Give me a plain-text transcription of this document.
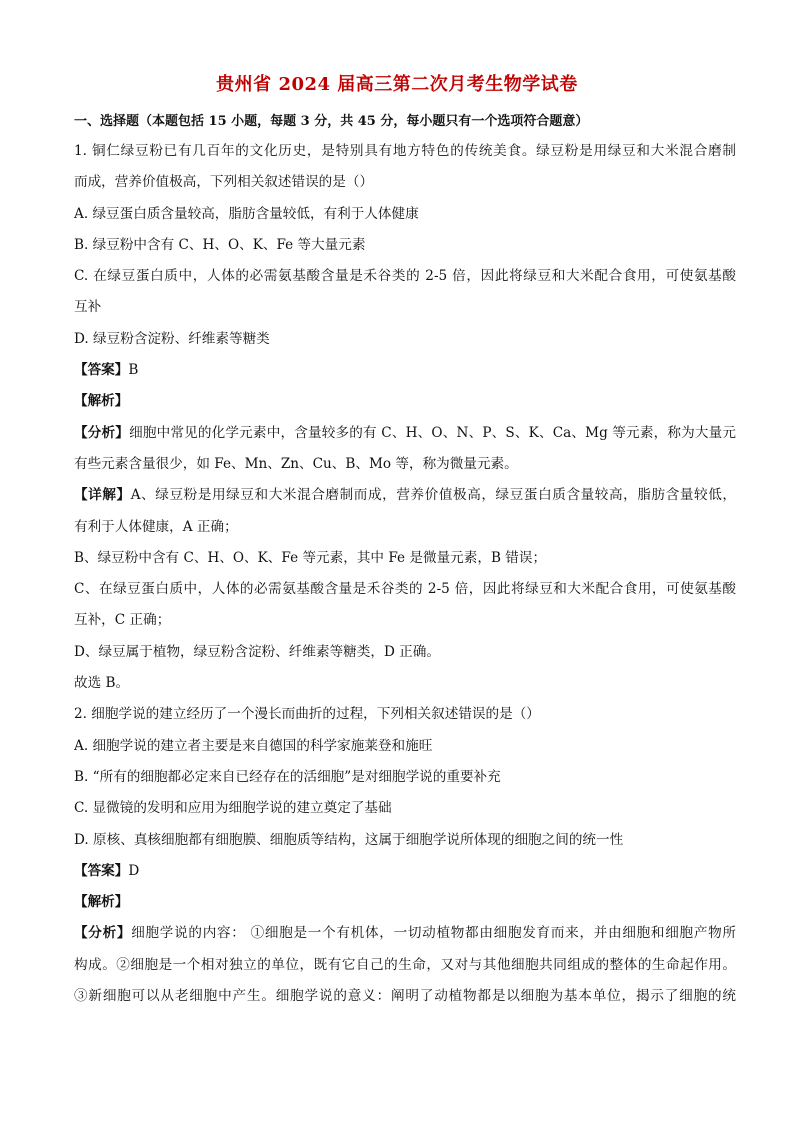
贵州省 2024 届高三第二次月考生物学试卷

一、选择题（本题包括 15 小题，每题 3 分，共 45 分，每小题只有一个选项符合题意）

1. 铜仁绿豆粉已有几百年的文化历史，是特别具有地方特色的传统美食。绿豆粉是用绿豆和大米混合磨制
而成，营养价值极高，下列相关叙述错误的是（）
A. 绿豆蛋白质含量较高，脂肪含量较低，有利于人体健康
B. 绿豆粉中含有 C、H、O、K、Fe 等大量元素
C. 在绿豆蛋白质中，人体的必需氨基酸含量是禾谷类的 2-5 倍，因此将绿豆和大米配合食用，可使氨基酸
互补
D. 绿豆粉含淀粉、纤维素等糖类
【答案】B
【解析】
【分析】细胞中常见的化学元素中，含量较多的有 C、H、O、N、P、S、K、Ca、Mg 等元素，称为大量元
有些元素含量很少，如 Fe、Mn、Zn、Cu、B、Mo 等，称为微量元素。
【详解】A、绿豆粉是用绿豆和大米混合磨制而成，营养价值极高，绿豆蛋白质含量较高，脂肪含量较低，
有利于人体健康，A 正确；
B、绿豆粉中含有 C、H、O、K、Fe 等元素，其中 Fe 是微量元素，B 错误；
C、在绿豆蛋白质中，人体的必需氨基酸含量是禾谷类的 2-5 倍，因此将绿豆和大米配合食用，可使氨基酸
互补，C 正确；
D、绿豆属于植物，绿豆粉含淀粉、纤维素等糖类，D 正确。
故选 B。
2. 细胞学说的建立经历了一个漫长而曲折的过程，下列相关叙述错误的是（）
A. 细胞学说的建立者主要是来自德国的科学家施莱登和施旺
B. “所有的细胞都必定来自已经存在的活细胞”是对细胞学说的重要补充
C. 显微镜的发明和应用为细胞学说的建立奠定了基础
D. 原核、真核细胞都有细胞膜、细胞质等结构，这属于细胞学说所体现的细胞之间的统一性
【答案】D
【解析】
【分析】细胞学说的内容： ①细胞是一个有机体，一切动植物都由细胞发育而来，并由细胞和细胞产物所
构成。②细胞是一个相对独立的单位，既有它自己的生命，又对与其他细胞共同组成的整体的生命起作用。
③新细胞可以从老细胞中产生。细胞学说的意义：阐明了动植物都是以细胞为基本单位，揭示了细胞的统
